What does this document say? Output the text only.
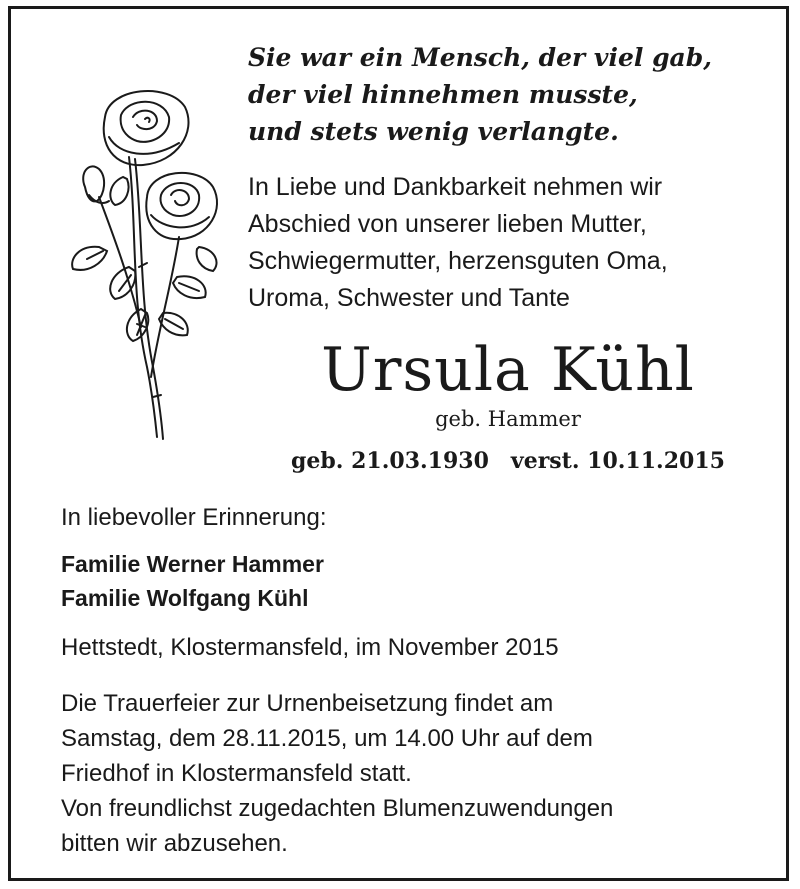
Sie war ein Mensch, der viel gab,
der viel hinnehmen musste,
und stets wenig verlangte.
In Liebe und Dankbarkeit nehmen wir
Abschied von unserer lieben Mutter,
Schwiegermutter, herzensguten Oma,
Uroma, Schwester und Tante
Ursula Kühl
geb. Hammer
geb. 21.03.1930 verst. 10.11.2015
In liebevoller Erinnerung:
Familie Werner Hammer
Familie Wolfgang Kühl
Hettstedt, Klostermansfeld, im November 2015
Die Trauerfeier zur Urnenbeisetzung findet am
Samstag, dem 28.11.2015, um 14.00 Uhr auf dem
Friedhof in Klostermansfeld statt.
Von freundlichst zugedachten Blumenzuwendungen
bitten wir abzusehen.
